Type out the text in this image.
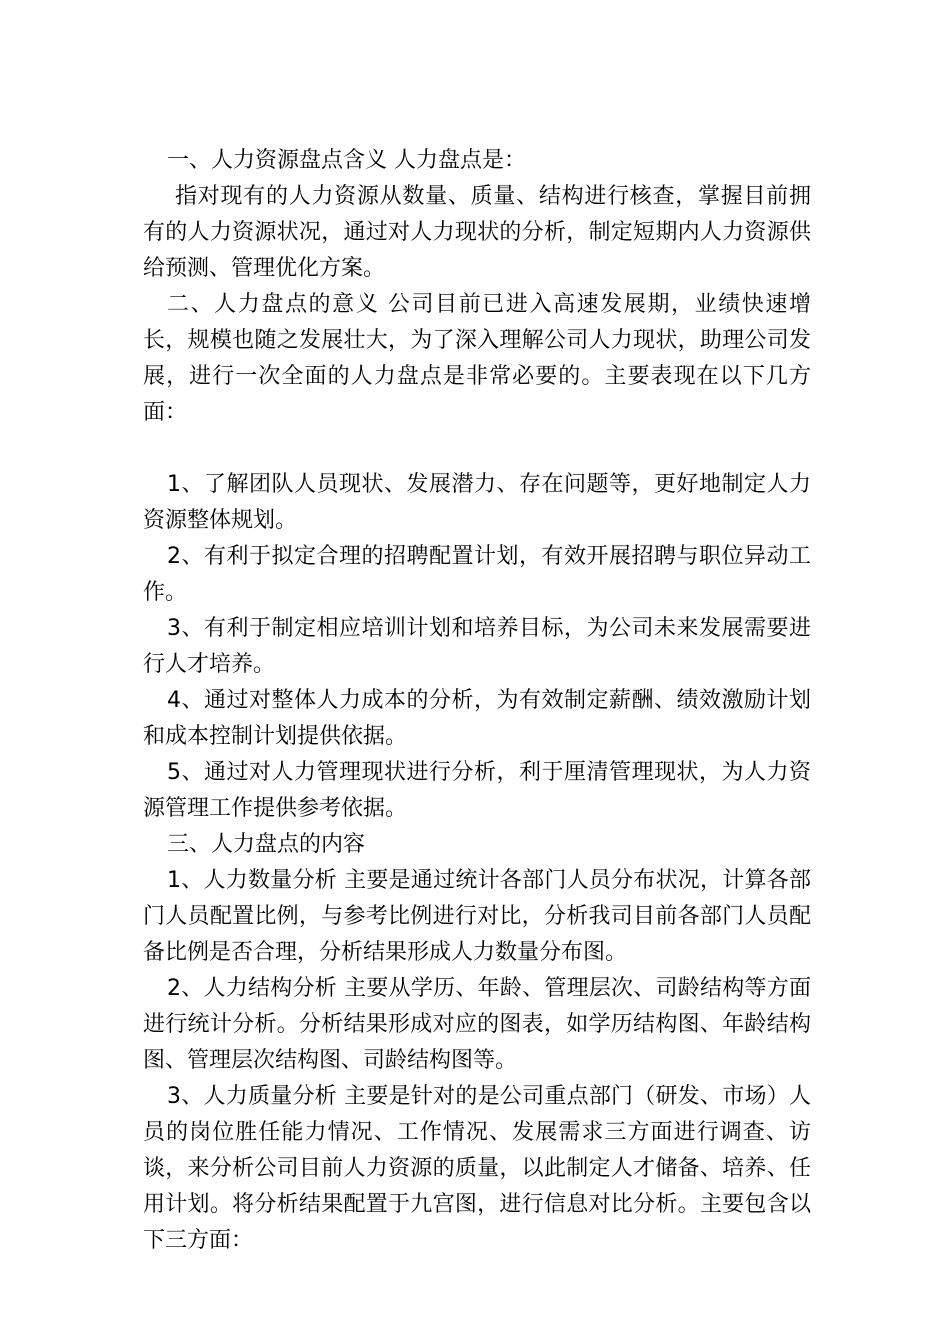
一、人力资源盘点含义 人力盘点是：

指对现有的人力资源从数量、质量、结构进行核查，掌握目前拥有的人力资源状况，通过对人力现状的分析，制定短期内人力资源供给预测、管理优化方案。

二、人力盘点的意义 公司目前已进入高速发展期，业绩快速增长，规模也随之发展壮大，为了深入理解公司人力现状，助理公司发展，进行一次全面的人力盘点是非常必要的。主要表现在以下几方面：

1、了解团队人员现状、发展潜力、存在问题等，更好地制定人力资源整体规划。

2、有利于拟定合理的招聘配置计划，有效开展招聘与职位异动工作。

3、有利于制定相应培训计划和培养目标，为公司未来发展需要进行人才培养。

4、通过对整体人力成本的分析，为有效制定薪酬、绩效激励计划和成本控制计划提供依据。

5、通过对人力管理现状进行分析，利于厘清管理现状，为人力资源管理工作提供参考依据。

三、人力盘点的内容

1、人力数量分析 主要是通过统计各部门人员分布状况，计算各部门人员配置比例，与参考比例进行对比，分析我司目前各部门人员配备比例是否合理，分析结果形成人力数量分布图。

2、人力结构分析 主要从学历、年龄、管理层次、司龄结构等方面进行统计分析。分析结果形成对应的图表，如学历结构图、年龄结构图、管理层次结构图、司龄结构图等。

3、人力质量分析 主要是针对的是公司重点部门（研发、市场）人员的岗位胜任能力情况、工作情况、发展需求三方面进行调查、访谈，来分析公司目前人力资源的质量，以此制定人才储备、培养、任用计划。将分析结果配置于九宫图，进行信息对比分析。主要包含以下三方面：
